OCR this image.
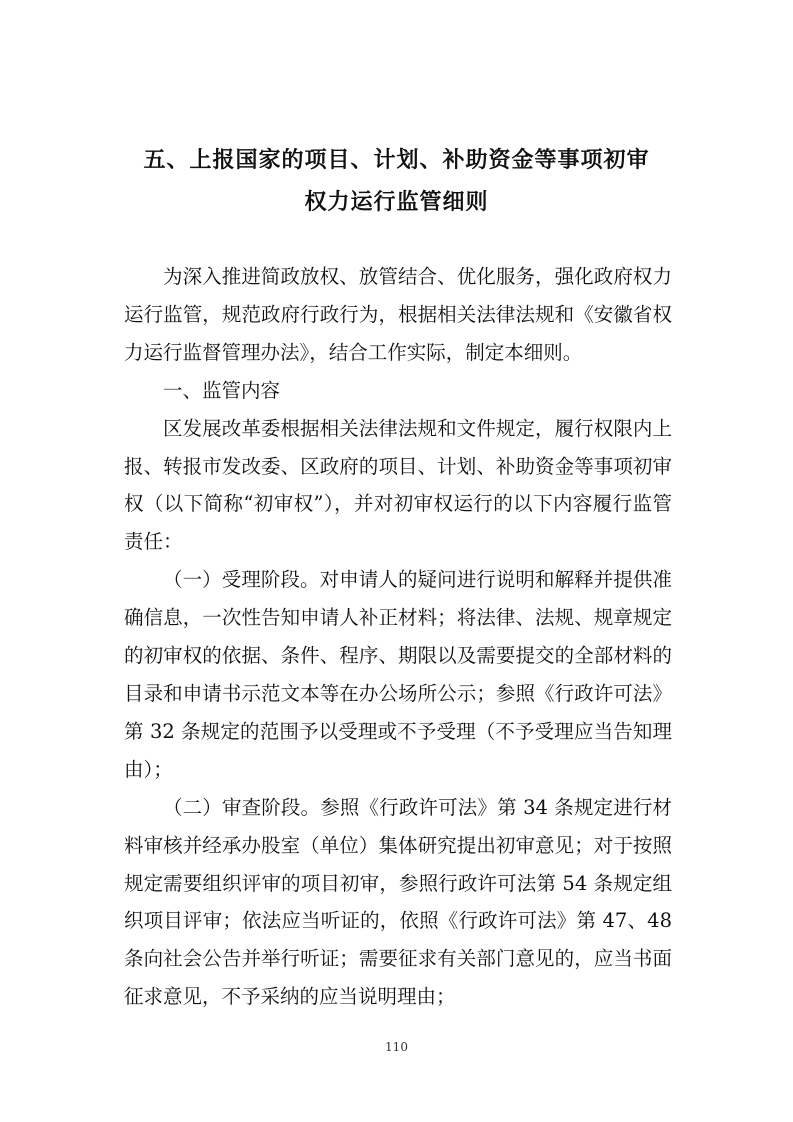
五、上报国家的项目、计划、补助资金等事项初审
权力运行监管细则

为深入推进简政放权、放管结合、优化服务，强化政府权力运行监管，规范政府行政行为，根据相关法律法规和《安徽省权力运行监督管理办法》，结合工作实际，制定本细则。

一、监管内容

区发展改革委根据相关法律法规和文件规定，履行权限内上报、转报市发改委、区政府的项目、计划、补助资金等事项初审权（以下简称“初审权”），并对初审权运行的以下内容履行监管责任：

（一）受理阶段。对申请人的疑问进行说明和解释并提供准确信息，一次性告知申请人补正材料；将法律、法规、规章规定的初审权的依据、条件、程序、期限以及需要提交的全部材料的目录和申请书示范文本等在办公场所公示；参照《行政许可法》第 32 条规定的范围予以受理或不予受理（不予受理应当告知理由）；

（二）审查阶段。参照《行政许可法》第 34 条规定进行材料审核并经承办股室（单位）集体研究提出初审意见；对于按照规定需要组织评审的项目初审，参照行政许可法第 54 条规定组织项目评审；依法应当听证的，依照《行政许可法》第 47、48 条向社会公告并举行听证；需要征求有关部门意见的，应当书面征求意见，不予采纳的应当说明理由；

110
